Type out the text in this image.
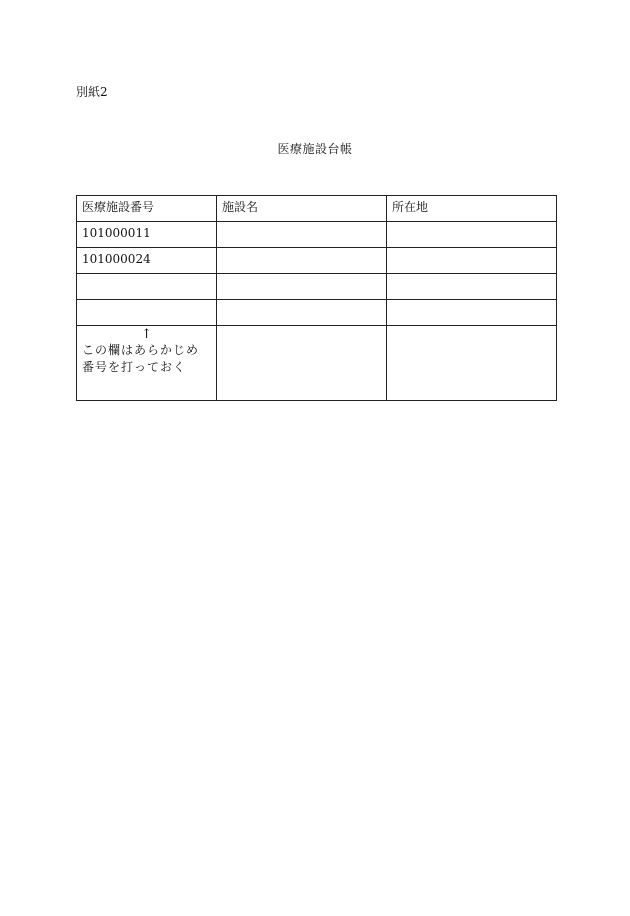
別紙2
医療施設台帳
医療施設番号	施設名	所在地
101000011		
101000024		

↑
この欄はあらかじめ番号を打っておく		
